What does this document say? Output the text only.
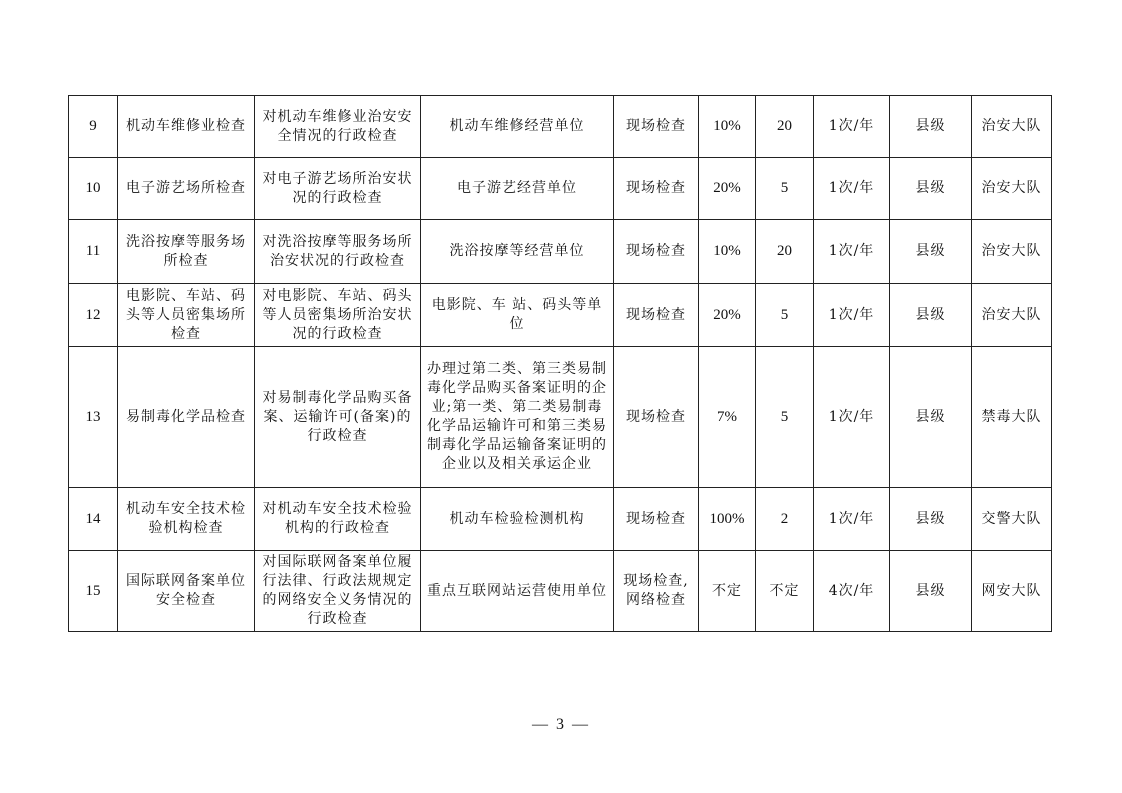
9	机动车维修业检查	对机动车维修业治安安全情况的行政检查	机动车维修经营单位	现场检查	10%	20	1次/年	县级	治安大队
10	电子游艺场所检查	对电子游艺场所治安状况的行政检查	电子游艺经营单位	现场检查	20%	5	1次/年	县级	治安大队
11	洗浴按摩等服务场所检查	对洗浴按摩等服务场所治安状况的行政检查	洗浴按摩等经营单位	现场检查	10%	20	1次/年	县级	治安大队
12	电影院、车站、码头等人员密集场所检查	对电影院、车站、码头等人员密集场所治安状况的行政检查	电影院、车 站、码头等单位	现场检查	20%	5	1次/年	县级	治安大队
13	易制毒化学品检查	对易制毒化学品购买备案、运输许可(备案)的行政检查	办理过第二类、第三类易制毒化学品购买备案证明的企业;第一类、第二类易制毒化学品运输许可和第三类易制毒化学品运输备案证明的企业以及相关承运企业	现场检查	7%	5	1次/年	县级	禁毒大队
14	机动车安全技术检验机构检查	对机动车安全技术检验机构的行政检查	机动车检验检测机构	现场检查	100%	2	1次/年	县级	交警大队
15	国际联网备案单位安全检查	对国际联网备案单位履行法律、行政法规规定的网络安全义务情况的行政检查	重点互联网站运营使用单位	现场检查,网络检查	不定	不定	4次/年	县级	网安大队
— 3 —
